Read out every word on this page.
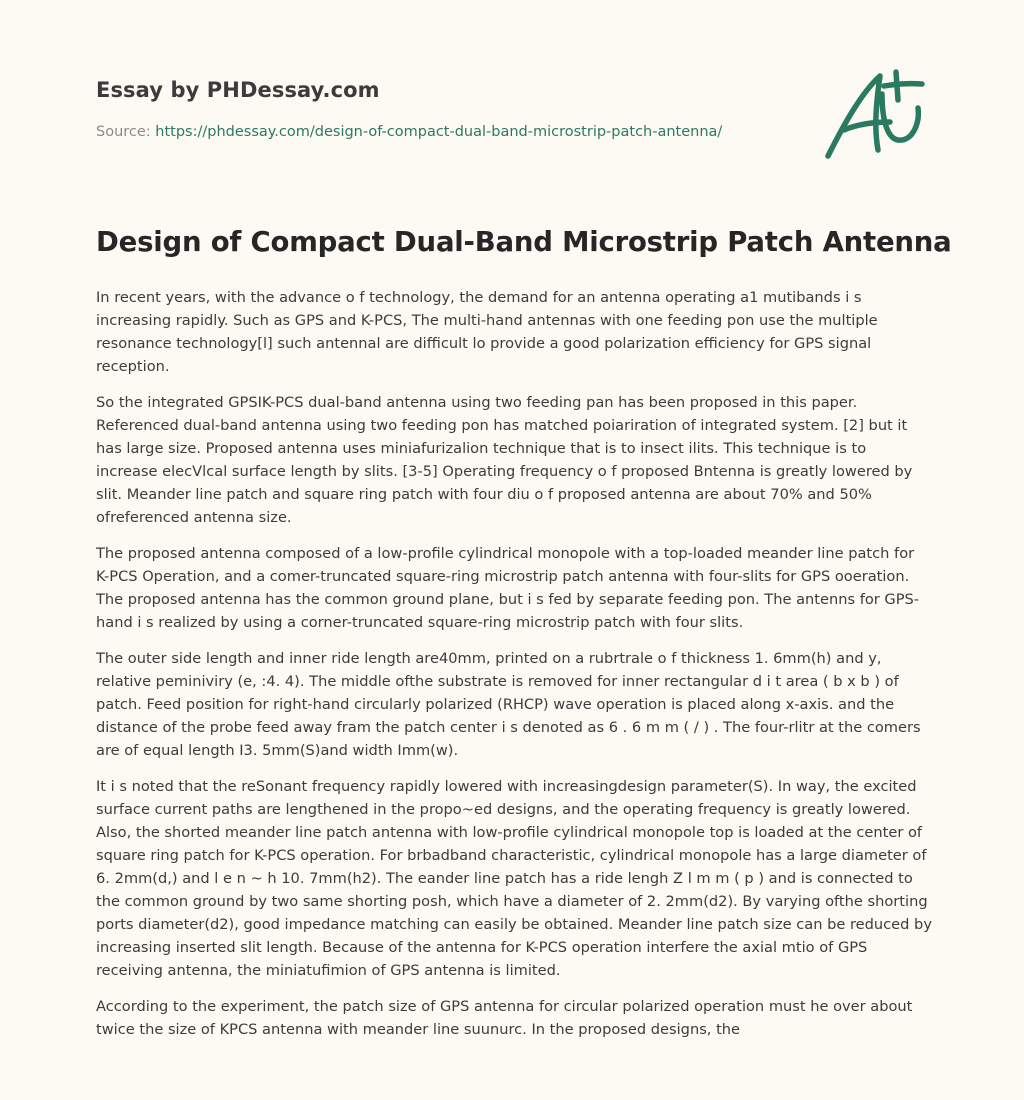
Essay by PHDessay.com
Source: https://phdessay.com/design-of-compact-dual-band-microstrip-patch-antenna/
Design of Compact Dual-Band Microstrip Patch Antenna

In recent years, with the advance o f technology, the demand for an antenna operating a1 mutibands i s increasing rapidly. Such as GPS and K-PCS, The multi-hand antennas with one feeding pon use the multiple resonance technology[l] such antennal are difficult lo provide a good polarization efficiency for GPS signal reception.

So the integrated GPSIK-PCS dual-band antenna using two feeding pan has been proposed in this paper. Referenced dual-band antenna using two feeding pon has matched poiariration of integrated system. [2] but it has large size. Proposed antenna uses miniafurizalion technique that is to insect ilits. This technique is to increase elecVlcal surface length by slits. [3-5] Operating frequency o f proposed Bntenna is greatly lowered by slit. Meander line patch and square ring patch with four diu o f proposed antenna are about 70% and 50% ofreferenced antenna size.

The proposed antenna composed of a low-profile cylindrical monopole with a top-loaded meander line patch for K-PCS Operation, and a comer-truncated square-ring microstrip patch antenna with four-slits for GPS ooeration. The proposed antenna has the common ground plane, but i s fed by separate feeding pon. The antenns for GPS-hand i s realized by using a corner-truncated square-ring microstrip patch with four slits.

The outer side length and inner ride length are40mm, printed on a rubrtrale o f thickness 1. 6mm(h) and y, relative peminiviry (e, :4. 4). The middle ofthe substrate is removed for inner rectangular d i t area ( b x b ) of patch. Feed position for right-hand circularly polarized (RHCP) wave operation is placed along x-axis. and the distance of the probe feed away fram the patch center i s denoted as 6 . 6 m m ( / ) . The four-rlitr at the comers are of equal length I3. 5mm(S)and width Imm(w).

It i s noted that the reSonant frequency rapidly lowered with increasingdesign parameter(S). In way, the excited surface current paths are lengthened in the propo~ed designs, and the operating frequency is greatly lowered. Also, the shorted meander line patch antenna with low-profile cylindrical monopole top is loaded at the center of square ring patch for K-PCS operation. For brbadband characteristic, cylindrical monopole has a large diameter of 6. 2mm(d,) and l e n ~ h 10. 7mm(h2). The eander line patch has a ride lengh Z l m m ( p ) and is connected to the common ground by two same shorting posh, which have a diameter of 2. 2mm(d2). By varying ofthe shorting ports diameter(d2), good impedance matching can easily be obtained. Meander line patch size can be reduced by increasing inserted slit length. Because of the antenna for K-PCS operation interfere the axial mtio of GPS receiving antenna, the miniatufimion of GPS antenna is limited.

According to the experiment, the patch size of GPS antenna for circular polarized operation must he over about twice the size of KPCS antenna with meander line suunurc. In the proposed designs, the
